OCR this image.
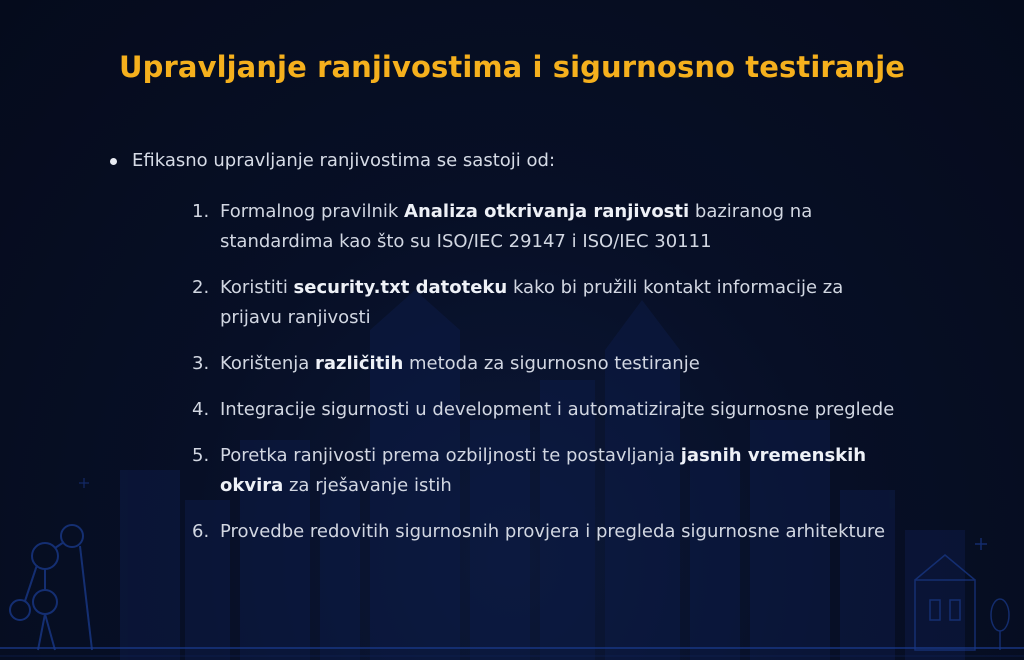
Upravljanje ranjivostima i sigurnosno testiranje
Efikasno upravljanje ranjivostima se sastoji od:
1. Formalnog pravilnik Analiza otkrivanja ranjivosti baziranog na standardima kao što su ISO/IEC 29147 i ISO/IEC 30111
2. Koristiti security.txt datoteku kako bi pružili kontakt informacije za prijavu ranjivosti
3. Korištenja različitih metoda za sigurnosno testiranje
4. Integracije sigurnosti u development i automatizirajte sigurnosne preglede
5. Poretka ranjivosti prema ozbiljnosti te postavljanja jasnih vremenskih okvira za rješavanje istih
6. Provedbe redovitih sigurnosnih provjera i pregleda sigurnosne arhitekture
